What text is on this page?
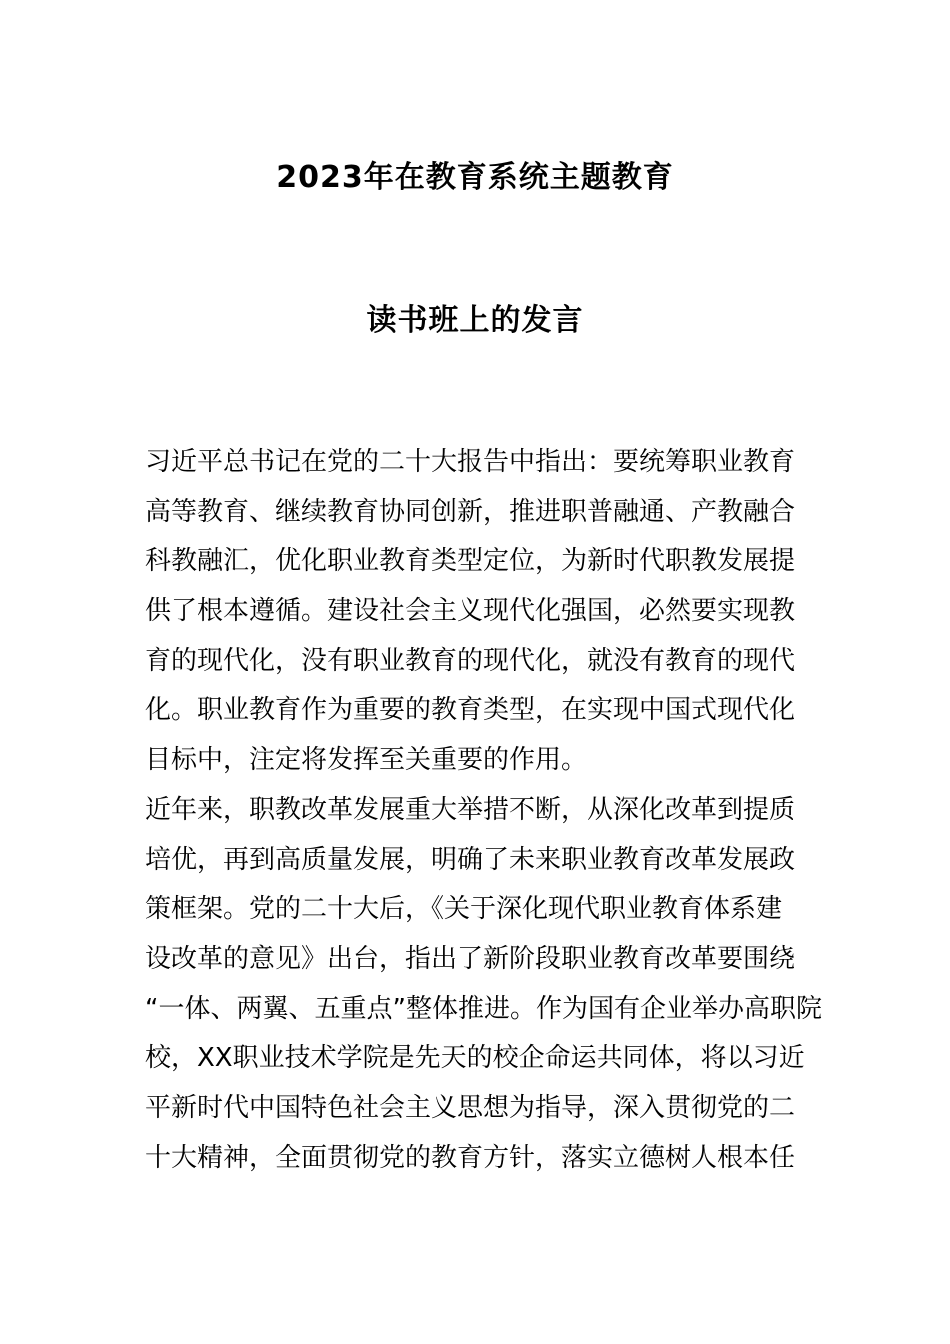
2023年在教育系统主题教育
读书班上的发言
习近平总书记在党的二十大报告中指出：要统筹职业教育
高等教育、继续教育协同创新，推进职普融通、产教融合
科教融汇，优化职业教育类型定位，为新时代职教发展提
供了根本遵循。建设社会主义现代化强国，必然要实现教
育的现代化，没有职业教育的现代化，就没有教育的现代
化。职业教育作为重要的教育类型，在实现中国式现代化
目标中，注定将发挥至关重要的作用。
近年来，职教改革发展重大举措不断，从深化改革到提质
培优，再到高质量发展，明确了未来职业教育改革发展政
策框架。党的二十大后，《关于深化现代职业教育体系建
设改革的意见》出台，指出了新阶段职业教育改革要围绕
“一体、两翼、五重点”整体推进。作为国有企业举办高职院
校，XX职业技术学院是先天的校企命运共同体，将以习近
平新时代中国特色社会主义思想为指导，深入贯彻党的二
十大精神，全面贯彻党的教育方针，落实立德树人根本任
